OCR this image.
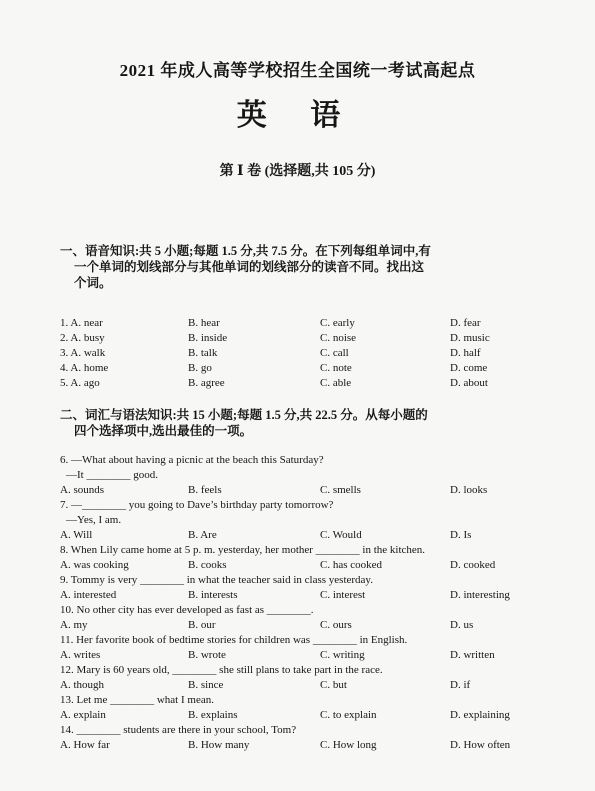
2021 年成人高等学校招生全国统一考试高起点
英 语
第 Ⅰ 卷 (选择题,共 105 分)
一、语音知识:共 5 小题;每题 1.5 分,共 7.5 分。在下列每组单词中,有
一个单词的划线部分与其他单词的划线部分的读音不同。找出这
个词。
1. A. near	B. hear	C. early	D. fear
2. A. busy	B. inside	C. noise	D. music
3. A. walk	B. talk	C. call	D. half
4. A. home	B. go	C. note	D. come
5. A. ago	B. agree	C. able	D. about
二、词汇与语法知识:共 15 小题;每题 1.5 分,共 22.5 分。从每小题的
四个选择项中,选出最佳的一项。
6. —What about having a picnic at the beach this Saturday?
—It ________ good.
A. sounds	B. feels	C. smells	D. looks
7. —________ you going to Dave’s birthday party tomorrow?
—Yes, I am.
A. Will	B. Are	C. Would	D. Is
8. When Lily came home at 5 p. m. yesterday, her mother ________ in the kitchen.
A. was cooking	B. cooks	C. has cooked	D. cooked
9. Tommy is very ________ in what the teacher said in class yesterday.
A. interested	B. interests	C. interest	D. interesting
10. No other city has ever developed as fast as ________.
A. my	B. our	C. ours	D. us
11. Her favorite book of bedtime stories for children was ________ in English.
A. writes	B. wrote	C. writing	D. written
12. Mary is 60 years old, ________ she still plans to take part in the race.
A. though	B. since	C. but	D. if
13. Let me ________ what I mean.
A. explain	B. explains	C. to explain	D. explaining
14. ________ students are there in your school, Tom?
A. How far	B. How many	C. How long	D. How often
